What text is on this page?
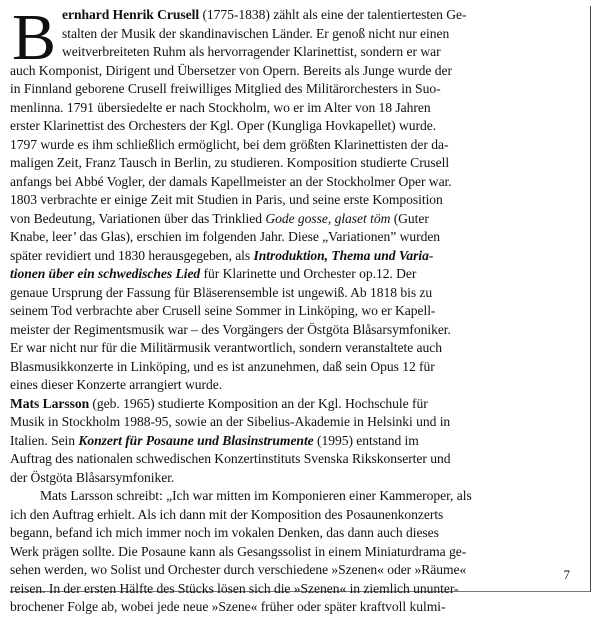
B ernhard Henrik Crusell (1775-1838) zählt als eine der talentiertesten Ge-
stalten der Musik der skandinavischen Länder. Er genoß nicht nur einen
weitverbreiteten Ruhm als hervorragender Klarinettist, sondern er war
auch Komponist, Dirigent und Übersetzer von Opern. Bereits als Junge wurde der
in Finnland geborene Crusell freiwilliges Mitglied des Militärorchesters in Suo-
menlinna. 1791 übersiedelte er nach Stockholm, wo er im Alter von 18 Jahren
erster Klarinettist des Orchesters der Kgl. Oper (Kungliga Hovkapellet) wurde.
1797 wurde es ihm schließlich ermöglicht, bei dem größten Klarinettisten der da-
maligen Zeit, Franz Tausch in Berlin, zu studieren. Komposition studierte Crusell
anfangs bei Abbé Vogler, der damals Kapellmeister an der Stockholmer Oper war.
1803 verbrachte er einige Zeit mit Studien in Paris, und seine erste Komposition
von Bedeutung, Variationen über das Trinklied Gode gosse, glaset töm (Guter
Knabe, leer’ das Glas), erschien im folgenden Jahr. Diese „Variationen” wurden
später revidiert und 1830 herausgegeben, als Introduktion, Thema und Varia-
tionen über ein schwedisches Lied für Klarinette und Orchester op.12. Der
genaue Ursprung der Fassung für Bläserensemble ist ungewiß. Ab 1818 bis zu
seinem Tod verbrachte aber Crusell seine Sommer in Linköping, wo er Kapell-
meister der Regimentsmusik war – des Vorgängers der Östgöta Blåsarsymfoniker.
Er war nicht nur für die Militärmusik verantwortlich, sondern veranstaltete auch
Blasmusikkonzerte in Linköping, und es ist anzunehmen, daß sein Opus 12 für
eines dieser Konzerte arrangiert wurde.
Mats Larsson (geb. 1965) studierte Komposition an der Kgl. Hochschule für
Musik in Stockholm 1988-95, sowie an der Sibelius-Akademie in Helsinki und in
Italien. Sein Konzert für Posaune und Blasinstrumente (1995) entstand im
Auftrag des nationalen schwedischen Konzertinstituts Svenska Rikskonserter und
der Östgöta Blåsarsymfoniker.
Mats Larsson schreibt: „Ich war mitten im Komponieren einer Kammeroper, als
ich den Auftrag erhielt. Als ich dann mit der Komposition des Posaunenkonzerts
begann, befand ich mich immer noch im vokalen Denken, das dann auch dieses
Werk prägen sollte. Die Posaune kann als Gesangssolist in einem Miniaturdrama ge-
sehen werden, wo Solist und Orchester durch verschiedene »Szenen« oder »Räume«
reisen. In der ersten Hälfte des Stücks lösen sich die »Szenen« in ziemlich ununter-
brochener Folge ab, wobei jede neue »Szene« früher oder später kraftvoll kulmi-
7
